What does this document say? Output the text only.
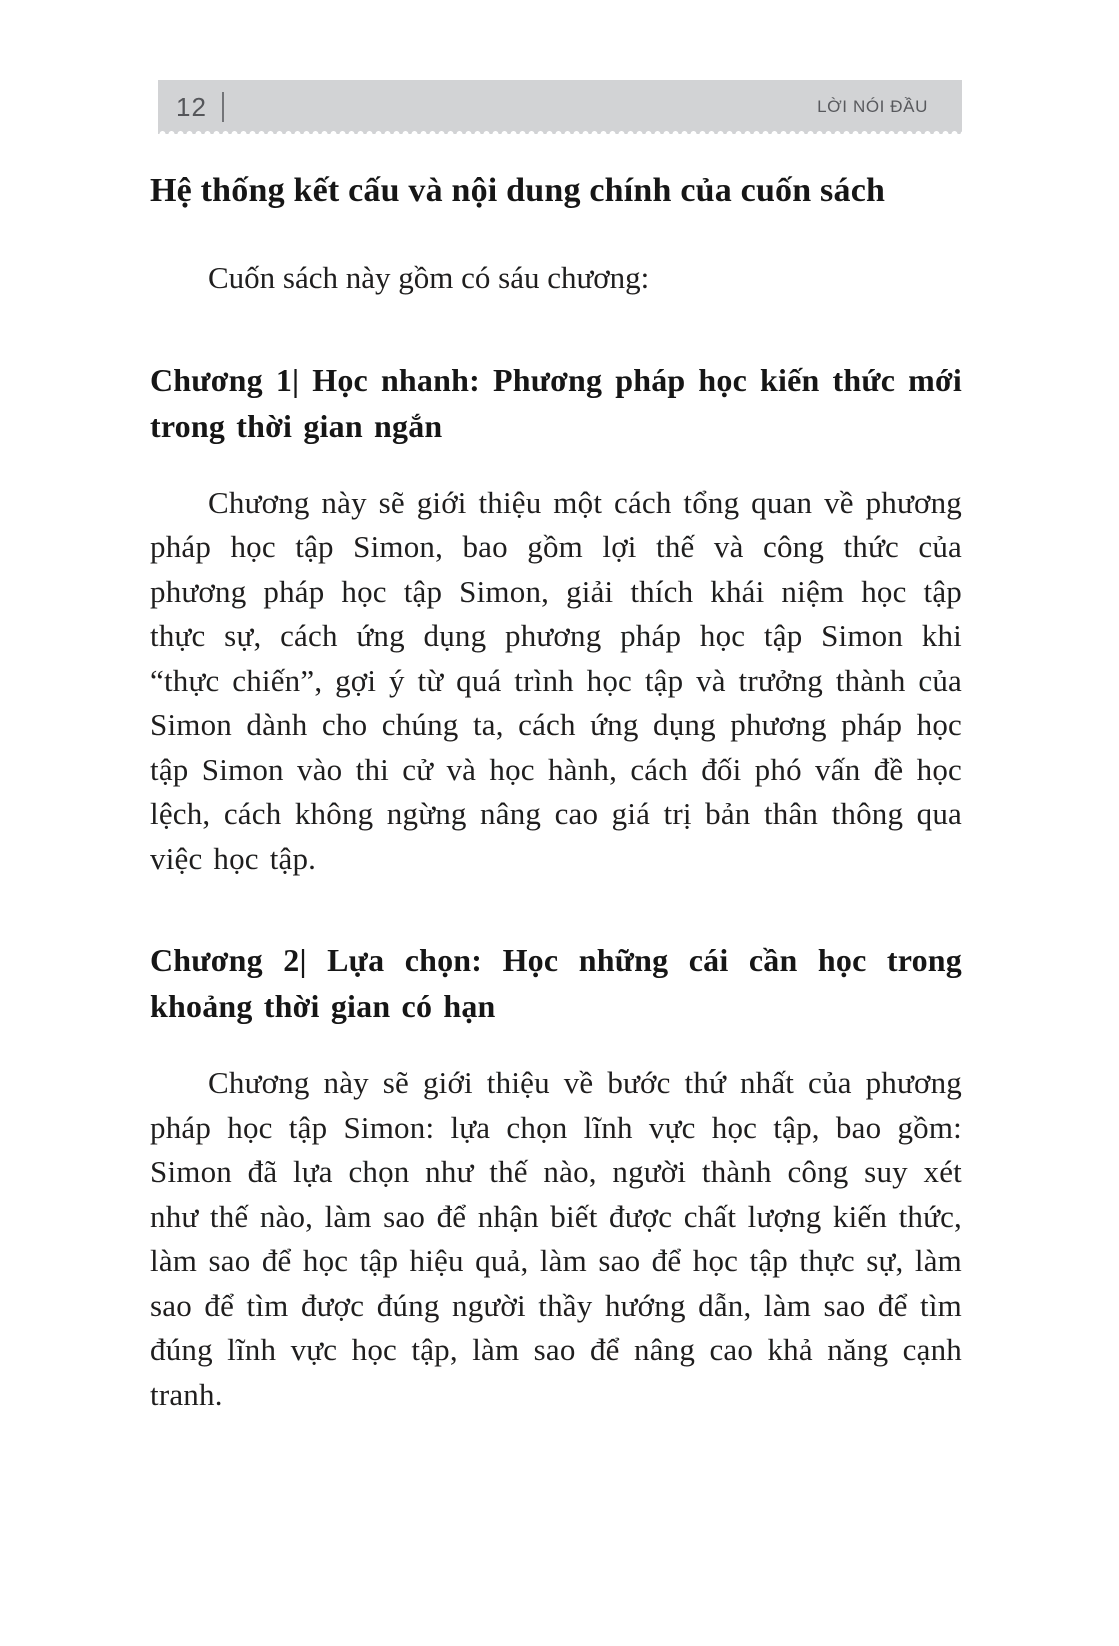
12	LỜI NÓI ĐẦU
Hệ thống kết cấu và nội dung chính của cuốn sách

Cuốn sách này gồm có sáu chương:

Chương 1| Học nhanh: Phương pháp học kiến thức mới trong thời gian ngắn

Chương này sẽ giới thiệu một cách tổng quan về phương pháp học tập Simon, bao gồm lợi thế và công thức của phương pháp học tập Simon, giải thích khái niệm học tập thực sự, cách ứng dụng phương pháp học tập Simon khi “thực chiến”, gợi ý từ quá trình học tập và trưởng thành của Simon dành cho chúng ta, cách ứng dụng phương pháp học tập Simon vào thi cử và học hành, cách đối phó vấn đề học lệch, cách không ngừng nâng cao giá trị bản thân thông qua việc học tập.

Chương 2| Lựa chọn: Học những cái cần học trong khoảng thời gian có hạn

Chương này sẽ giới thiệu về bước thứ nhất của phương pháp học tập Simon: lựa chọn lĩnh vực học tập, bao gồm: Simon đã lựa chọn như thế nào, người thành công suy xét như thế nào, làm sao để nhận biết được chất lượng kiến thức, làm sao để học tập hiệu quả, làm sao để học tập thực sự, làm sao để tìm được đúng người thầy hướng dẫn, làm sao để tìm đúng lĩnh vực học tập, làm sao để nâng cao khả năng cạnh tranh.
